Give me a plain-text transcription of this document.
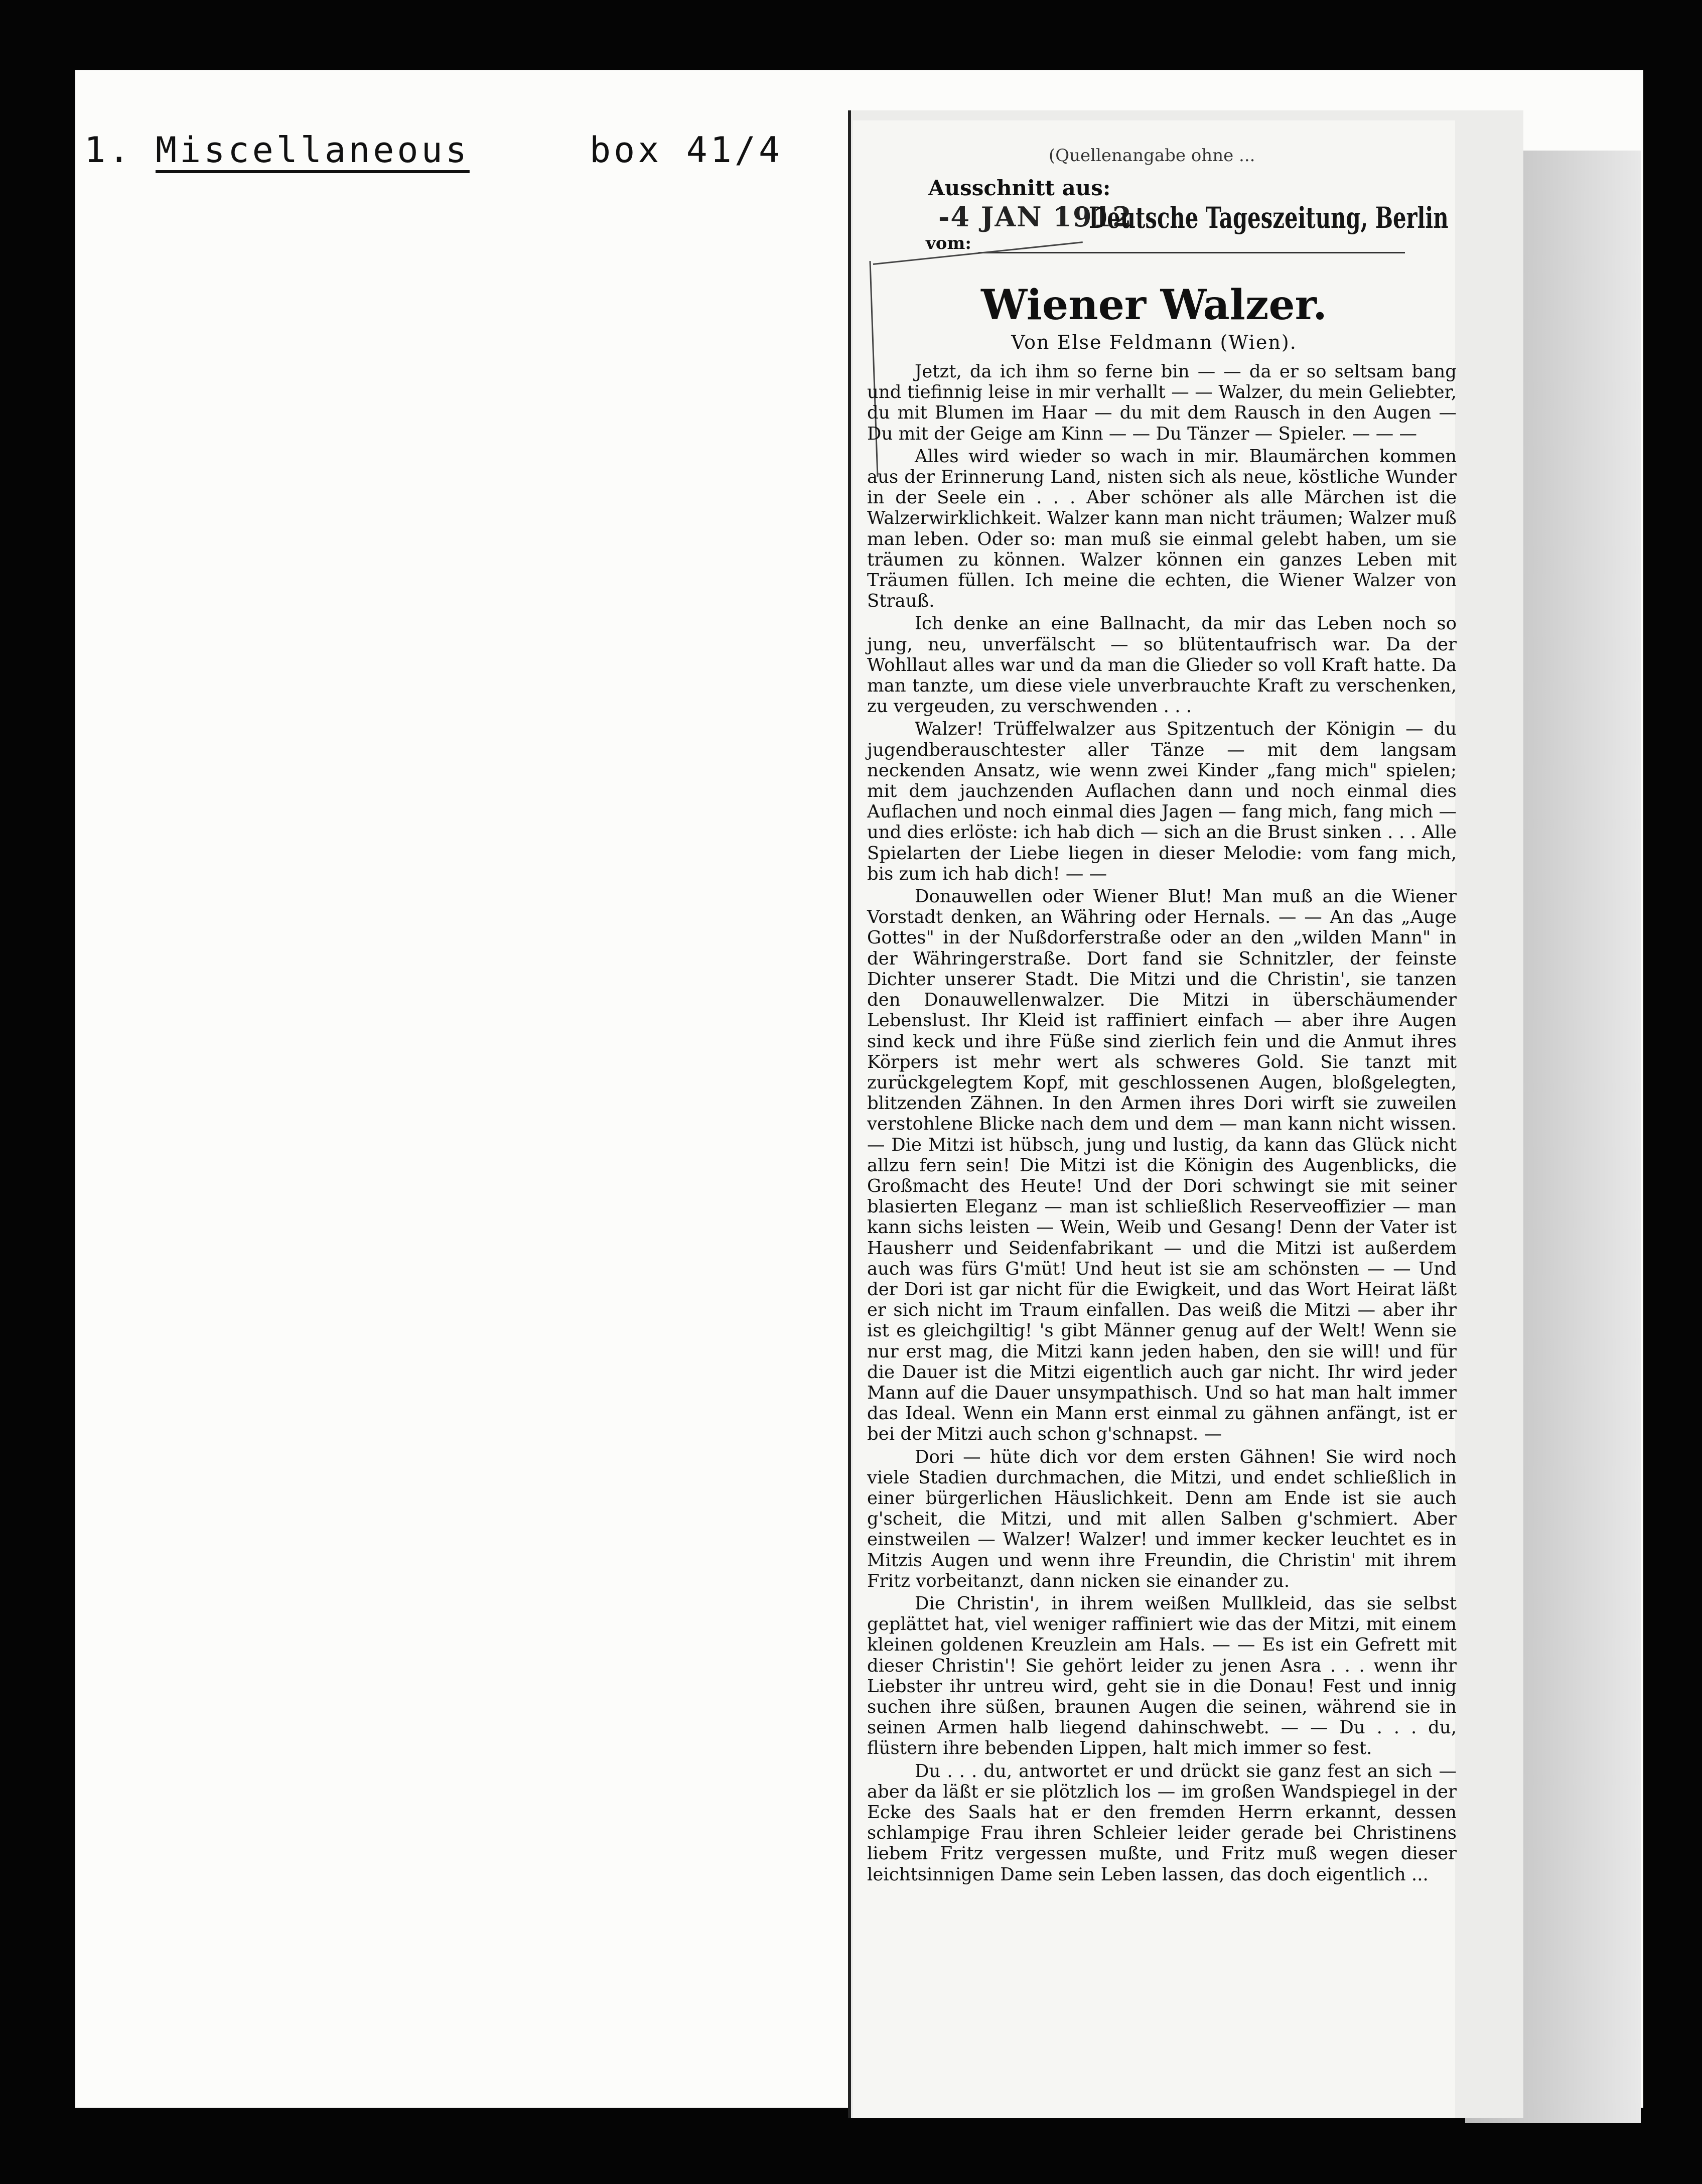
1. Miscellaneous	box 41/4	(Quellenangabe ohne ...
Ausschnitt aus:
-4 JAN 1912
Deutsche Tageszeitung, Berlin
vom:
Wiener Walzer.
Von Else Feldmann (Wien).

Jetzt, da ich ihm so ferne bin — — da er so seltsam bang und tiefinnig leise in mir verhallt — — Walzer, du mein Geliebter, du mit Blumen im Haar — du mit dem Rausch in den Augen — Du mit der Geige am Kinn — — Du Tänzer — Spieler. — — —

Alles wird wieder so wach in mir. Blaumärchen kommen aus der Erinnerung Land, nisten sich als neue, köstliche Wunder in der Seele ein . . . Aber schöner als alle Märchen ist die Walzerwirklichkeit. Walzer kann man nicht träumen; Walzer muß man leben. Oder so: man muß sie einmal gelebt haben, um sie träumen zu können. Walzer können ein ganzes Leben mit Träumen füllen. Ich meine die echten, die Wiener Walzer von Strauß.

Ich denke an eine Ballnacht, da mir das Leben noch so jung, neu, unverfälscht — so blütentaufrisch war. Da der Wohllaut alles war und da man die Glieder so voll Kraft hatte. Da man tanzte, um diese viele unverbrauchte Kraft zu verschenken, zu vergeuden, zu verschwenden . . .

Walzer! Trüffelwalzer aus Spitzentuch der Königin — du jugendberauschtester aller Tänze — mit dem langsam neckenden Ansatz, wie wenn zwei Kinder „fang mich" spielen; mit dem jauchzenden Auflachen dann und noch einmal dies Auflachen und noch einmal dies Jagen — fang mich, fang mich — und dies erlöste: ich hab dich — sich an die Brust sinken . . . Alle Spielarten der Liebe liegen in dieser Melodie: vom fang mich, bis zum ich hab dich! — —

Donauwellen oder Wiener Blut! Man muß an die Wiener Vorstadt denken, an Währing oder Hernals. — — An das „Auge Gottes" in der Nußdorferstraße oder an den „wilden Mann" in der Währingerstraße. Dort fand sie Schnitzler, der feinste Dichter unserer Stadt. Die Mitzi und die Christin', sie tanzen den Donauwellenwalzer. Die Mitzi in überschäumender Lebenslust. Ihr Kleid ist raffiniert einfach — aber ihre Augen sind keck und ihre Füße sind zierlich fein und die Anmut ihres Körpers ist mehr wert als schweres Gold. Sie tanzt mit zurückgelegtem Kopf, mit geschlossenen Augen, bloßgelegten, blitzenden Zähnen. In den Armen ihres Dori wirft sie zuweilen verstohlene Blicke nach dem und dem — man kann nicht wissen. — Die Mitzi ist hübsch, jung und lustig, da kann das Glück nicht allzu fern sein! Die Mitzi ist die Königin des Augenblicks, die Großmacht des Heute! Und der Dori schwingt sie mit seiner blasierten Eleganz — man ist schließlich Reserveoffizier — man kann sichs leisten — Wein, Weib und Gesang! Denn der Vater ist Hausherr und Seidenfabrikant — und die Mitzi ist außerdem auch was fürs G'müt! Und heut ist sie am schönsten — — Und der Dori ist gar nicht für die Ewigkeit, und das Wort Heirat läßt er sich nicht im Traum einfallen. Das weiß die Mitzi — aber ihr ist es gleichgiltig! 's gibt Männer genug auf der Welt! Wenn sie nur erst mag, die Mitzi kann jeden haben, den sie will! und für die Dauer ist die Mitzi eigentlich auch gar nicht. Ihr wird jeder Mann auf die Dauer unsympathisch. Und so hat man halt immer das Ideal. Wenn ein Mann erst einmal zu gähnen anfängt, ist er bei der Mitzi auch schon g'schnapst. —

Dori — hüte dich vor dem ersten Gähnen! Sie wird noch viele Stadien durchmachen, die Mitzi, und endet schließlich in einer bürgerlichen Häuslichkeit. Denn am Ende ist sie auch g'scheit, die Mitzi, und mit allen Salben g'schmiert. Aber einstweilen — Walzer! Walzer! und immer kecker leuchtet es in Mitzis Augen und wenn ihre Freundin, die Christin' mit ihrem Fritz vorbeitanzt, dann nicken sie einander zu.

Die Christin', in ihrem weißen Mullkleid, das sie selbst geplättet hat, viel weniger raffiniert wie das der Mitzi, mit einem kleinen goldenen Kreuzlein am Hals. — — Es ist ein Gefrett mit dieser Christin'! Sie gehört leider zu jenen Asra . . . wenn ihr Liebster ihr untreu wird, geht sie in die Donau! Fest und innig suchen ihre süßen, braunen Augen die seinen, während sie in seinen Armen halb liegend dahinschwebt. — — Du . . . du, flüstern ihre bebenden Lippen, halt mich immer so fest.

Du . . . du, antwortet er und drückt sie ganz fest an sich — aber da läßt er sie plötzlich los — im großen Wandspiegel in der Ecke des Saals hat er den fremden Herrn erkannt, dessen schlampige Frau ihren Schleier leider gerade bei Christinens liebem Fritz vergessen mußte, und Fritz muß wegen dieser leichtsinnigen Dame sein Leben lassen, das doch eigentlich ...
